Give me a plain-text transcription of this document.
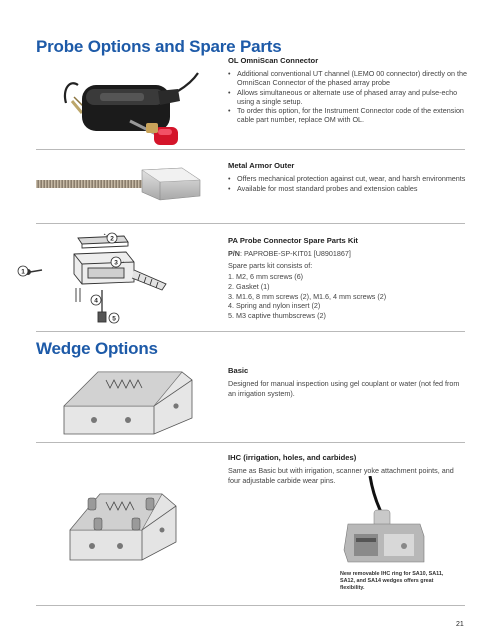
Probe Options and Spare Parts
OL OmniScan Connector
• Additional conventional UT channel (LEMO 00 connector) directly on the OmniScan Connector of the phased array probe
• Allows simultaneous or alternate use of phased array and pulse-echo using a single setup.
• To order this option, for the Instrument Connector code of the extension cable part number, replace OM with OL.
Metal Armor Outer
• Offers mechanical protection against cut, wear, and harsh environments
• Available for most standard probes and extension cables
2
3
1
4
5
PA Probe Connector Spare Parts Kit

P/N: PAPROBE-SP-KIT01 [U8901867]

Spare parts kit consists of:

1. M2, 6 mm screws (6)
2. Gasket (1)
3. M1.6, 8 mm screws (2), M1.6, 4 mm screws (2)
4. Spring and nylon insert (2)
5. M3 captive thumbscrews (2)
Wedge Options
Basic

Designed for manual inspection using gel couplant or water (not fed from an irrigation system).

IHC (irrigation, holes, and carbides)

Same as Basic but with irrigation, scanner yoke attachment points, and four adjustable carbide wear pins.

New removable IHC ring for SA10, SA11, SA12, and SA14 wedges offers great flexibility.
21
